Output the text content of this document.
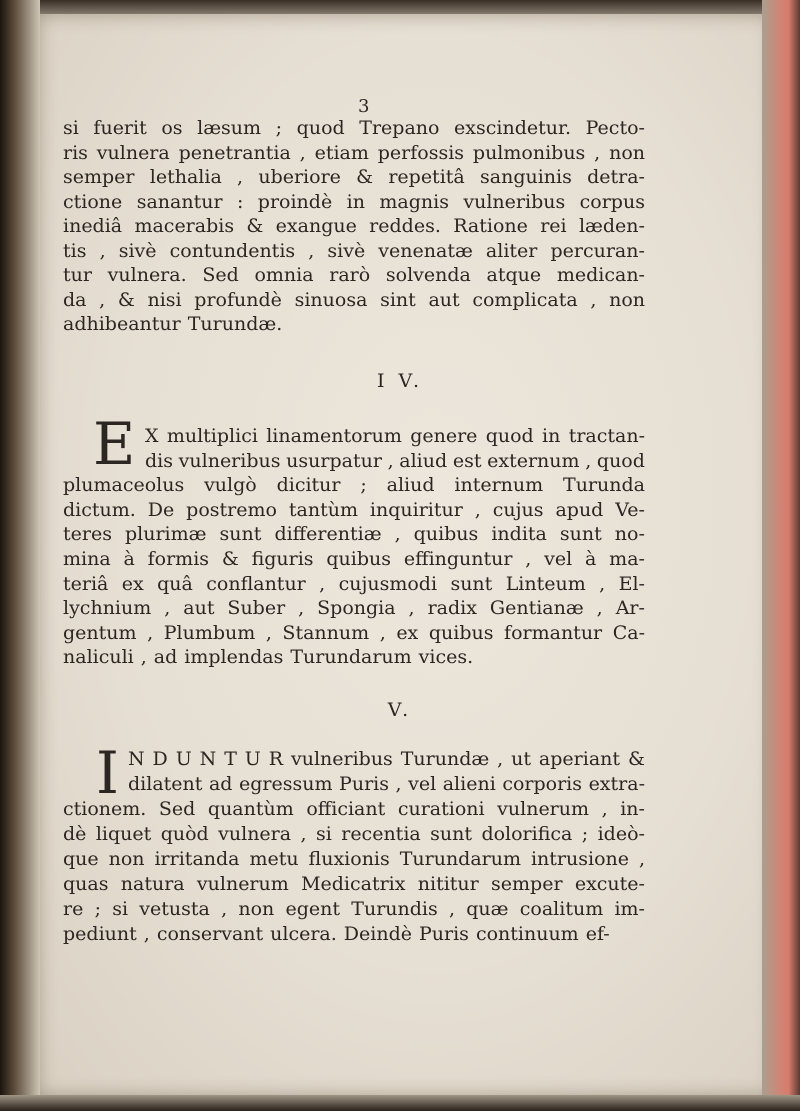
3
si fuerit os læsum ; quod Trepano exscindetur. Pecto-
ris vulnera penetrantia , etiam perfossis pulmonibus , non
semper lethalia , uberiore & repetitâ sanguinis detra-
ctione sanantur : proindè in magnis vulneribus corpus
inediâ macerabis & exangue reddes. Ratione rei læden-
tis , sivè contundentis , sivè venenatæ aliter percuran-
tur vulnera. Sed omnia rarò solvenda atque medican-
da , & nisi profundè sinuosa sint aut complicata , non
adhibeantur Turundæ.
I V.
E X multiplici linamentorum genere quod in tractan-
dis vulneribus usurpatur , aliud est externum , quod
plumaceolus vulgò dicitur ; aliud internum Turunda
dictum. De postremo tantùm inquiritur , cujus apud Ve-
teres plurimæ sunt differentiæ , quibus indita sunt no-
mina à formis & figuris quibus effinguntur , vel à ma-
teriâ ex quâ conflantur , cujusmodi sunt Linteum , El-
lychnium , aut Suber , Spongia , radix Gentianæ , Ar-
gentum , Plumbum , Stannum , ex quibus formantur Ca-
naliculi , ad implendas Turundarum vices.
V.
I N D U N T U R vulneribus Turundæ , ut aperiant &
dilatent ad egressum Puris , vel alieni corporis extra-
ctionem. Sed quantùm officiant curationi vulnerum , in-
dè liquet quòd vulnera , si recentia sunt dolorifica ; ideò-
que non irritanda metu fluxionis Turundarum intrusione ,
quas natura vulnerum Medicatrix nititur semper excute-
re ; si vetusta , non egent Turundis , quæ coalitum im-
pediunt , conservant ulcera. Deindè Puris continuum ef-
